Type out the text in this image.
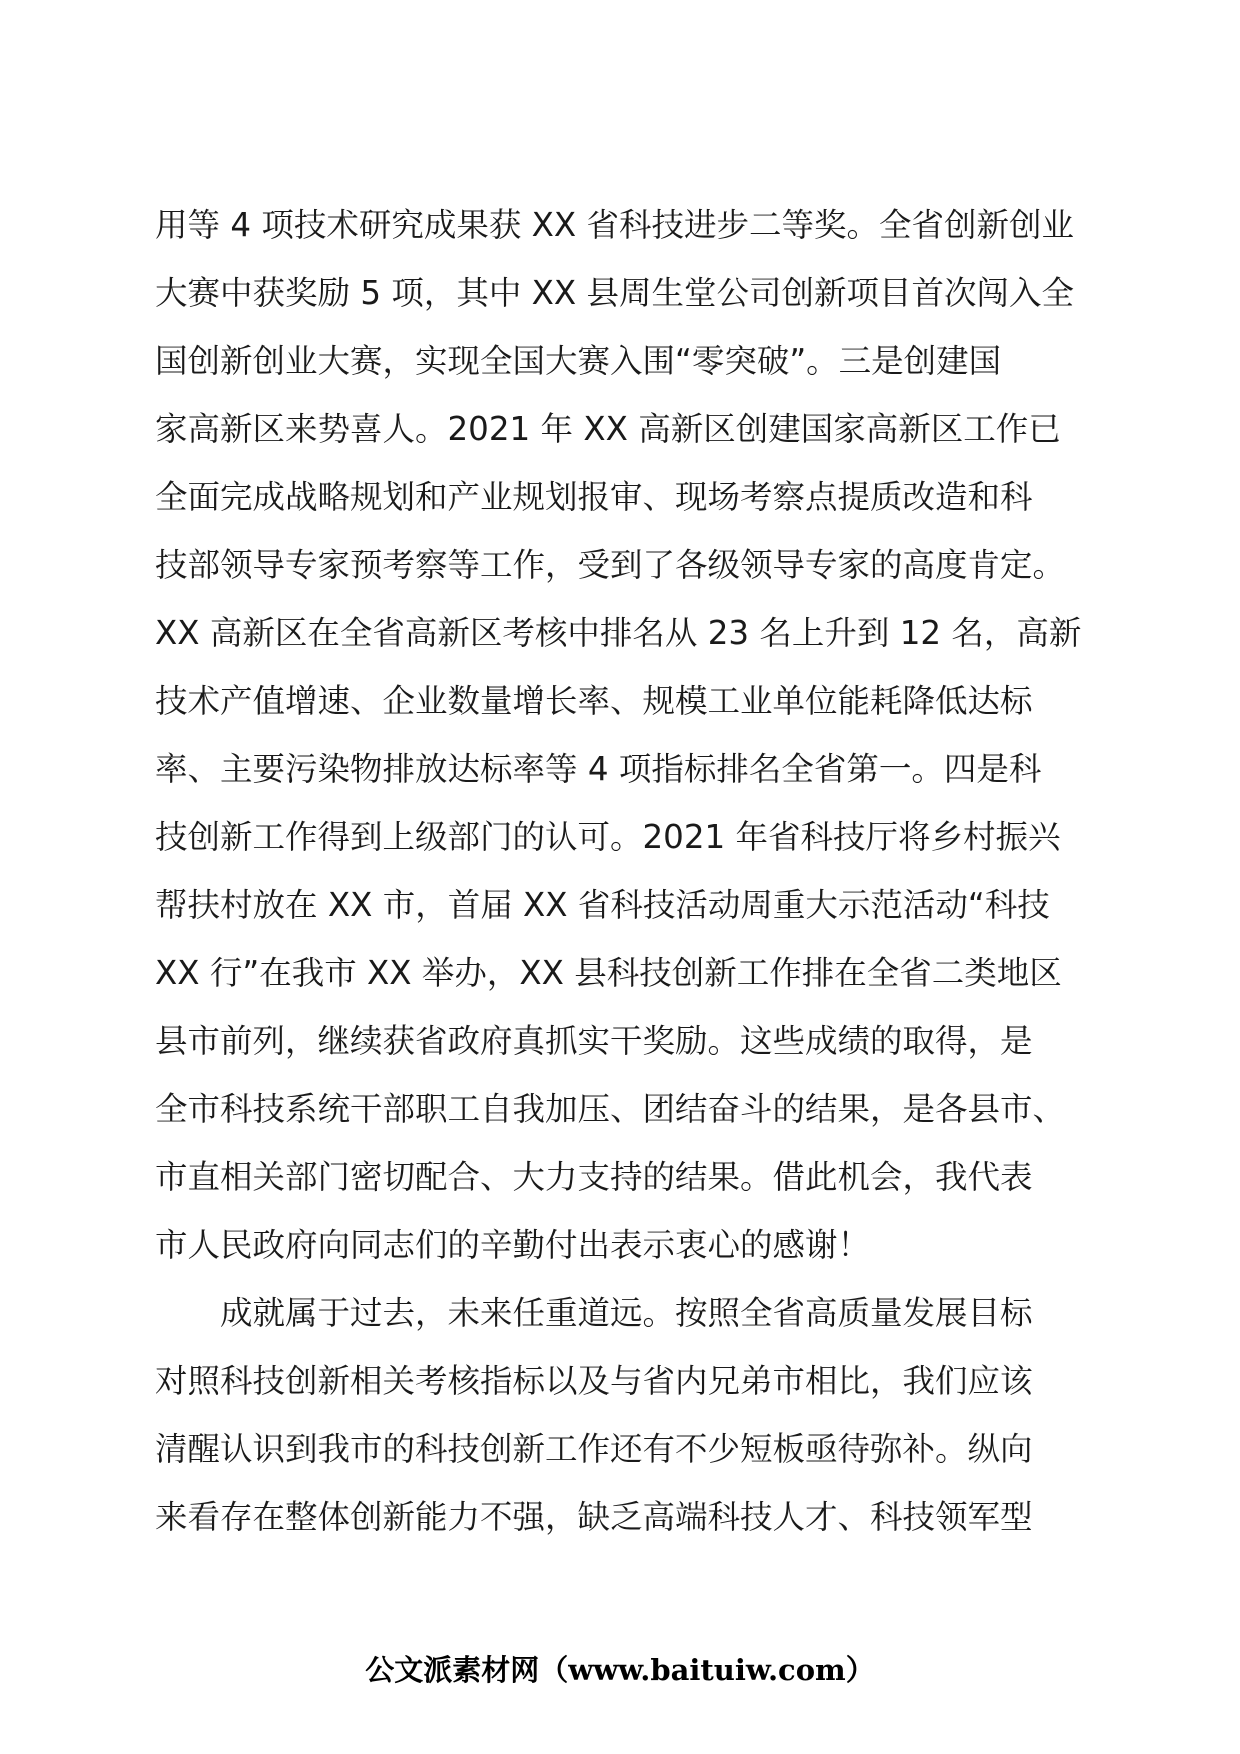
用等 4 项技术研究成果获 XX 省科技进步二等奖。全省创新创业
大赛中获奖励 5 项，其中 XX 县周生堂公司创新项目首次闯入全
国创新创业大赛，实现全国大赛入围“零突破”。三是创建国
家高新区来势喜人。2021 年 XX 高新区创建国家高新区工作已
全面完成战略规划和产业规划报审、现场考察点提质改造和科
技部领导专家预考察等工作，受到了各级领导专家的高度肯定。
XX 高新区在全省高新区考核中排名从 23 名上升到 12 名，高新
技术产值增速、企业数量增长率、规模工业单位能耗降低达标
率、主要污染物排放达标率等 4 项指标排名全省第一。四是科
技创新工作得到上级部门的认可。2021 年省科技厅将乡村振兴
帮扶村放在 XX 市，首届 XX 省科技活动周重大示范活动“科技
XX 行”在我市 XX 举办，XX 县科技创新工作排在全省二类地区
县市前列，继续获省政府真抓实干奖励。这些成绩的取得，是
全市科技系统干部职工自我加压、团结奋斗的结果，是各县市、
市直相关部门密切配合、大力支持的结果。借此机会，我代表
市人民政府向同志们的辛勤付出表示衷心的感谢！
成就属于过去，未来任重道远。按照全省高质量发展目标
对照科技创新相关考核指标以及与省内兄弟市相比，我们应该
清醒认识到我市的科技创新工作还有不少短板亟待弥补。纵向
来看存在整体创新能力不强，缺乏高端科技人才、科技领军型
公文派素材网（www.baituiw.com）
